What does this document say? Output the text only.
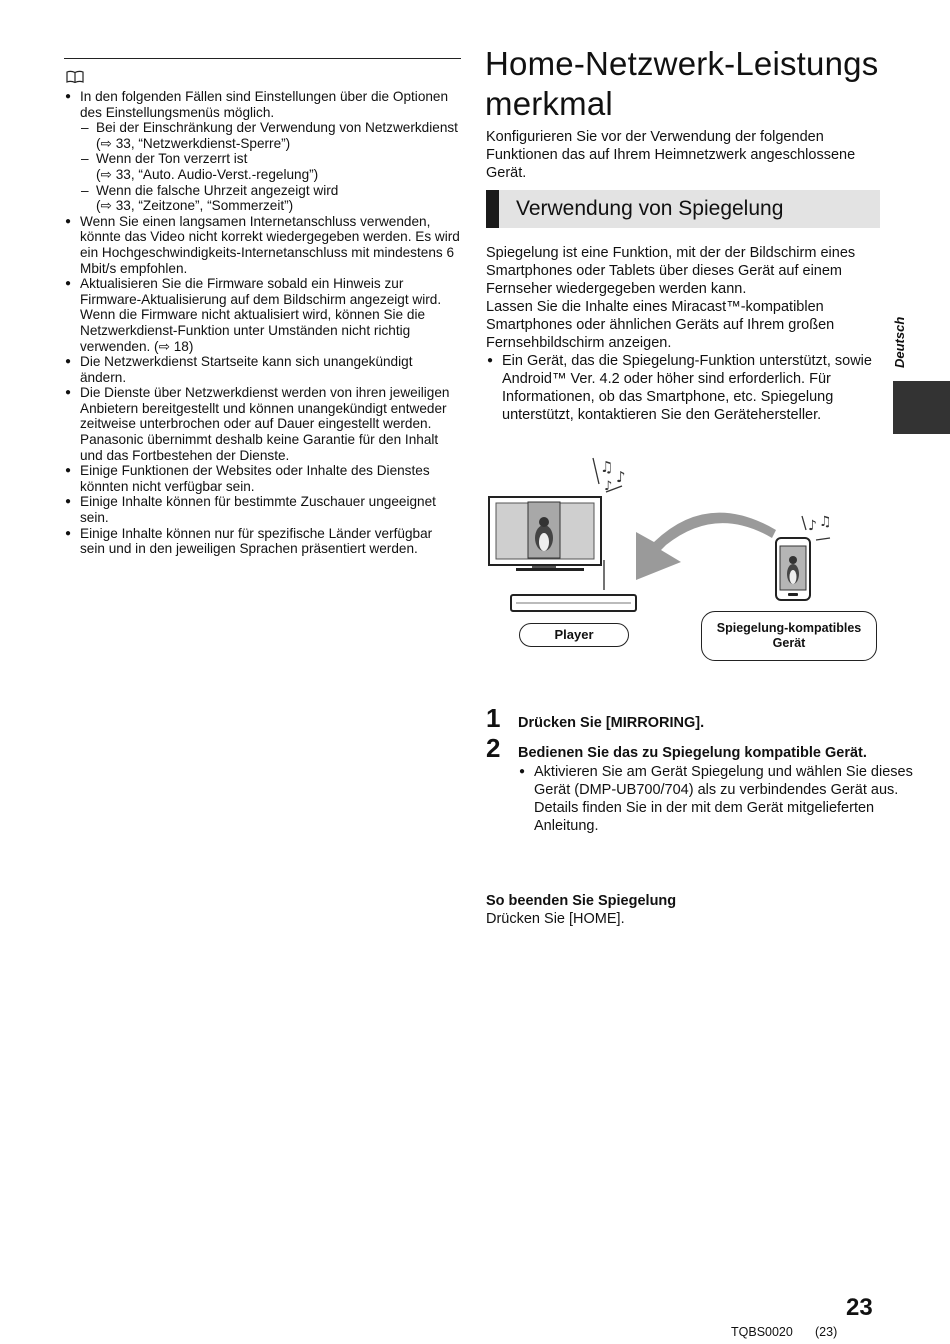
● In den folgenden Fällen sind Einstellungen über die Optionen des Einstellungsmenüs möglich.
– Bei der Einschränkung der Verwendung von Netzwerkdienst
(⇨ 33, “Netzwerkdienst-Sperre”)
– Wenn der Ton verzerrt ist
(⇨ 33, “Auto. Audio-Verst.-regelung”)
– Wenn die falsche Uhrzeit angezeigt wird
(⇨ 33, “Zeitzone”, “Sommerzeit”)
● Wenn Sie einen langsamen Internetanschluss verwenden, könnte das Video nicht korrekt wiedergegeben werden. Es wird ein Hochgeschwindigkeits-Internetanschluss mit mindestens 6 Mbit/s empfohlen.
● Aktualisieren Sie die Firmware sobald ein Hinweis zur Firmware-Aktualisierung auf dem Bildschirm angezeigt wird. Wenn die Firmware nicht aktualisiert wird, können Sie die Netzwerkdienst-Funktion unter Umständen nicht richtig verwenden. (⇨ 18)
● Die Netzwerkdienst Startseite kann sich unangekündigt ändern.
● Die Dienste über Netzwerkdienst werden von ihren jeweiligen Anbietern bereitgestellt und können unangekündigt entweder zeitweise unterbrochen oder auf Dauer eingestellt werden. Panasonic übernimmt deshalb keine Garantie für den Inhalt und das Fortbestehen der Dienste.
● Einige Funktionen der Websites oder Inhalte des Dienstes könnten nicht verfügbar sein.
● Einige Inhalte können für bestimmte Zuschauer ungeeignet sein.
● Einige Inhalte können nur für spezifische Länder verfügbar sein und in den jeweiligen Sprachen präsentiert werden.
Home-Netzwerk-Leistungs merkmal

Konfigurieren Sie vor der Verwendung der folgenden Funktionen das auf Ihrem Heimnetzwerk angeschlossene Gerät.

Verwendung von Spiegelung

Spiegelung ist eine Funktion, mit der der Bildschirm eines Smartphones oder Tablets über dieses Gerät auf einem Fernseher wiedergegeben werden kann.

Lassen Sie die Inhalte eines Miracast™-kompatiblen Smartphones oder ähnlichen Geräts auf Ihrem großen Fernsehbildschirm anzeigen.

● Ein Gerät, das die Spiegelung-Funktion unterstützt, sowie Android™ Ver. 4.2 oder höher sind erforderlich. Für Informationen, ob das Smartphone, etc. Spiegelung unterstützt, kontaktieren Sie den Gerätehersteller.
Deutsch
♫
♪
♪
♪ ♫
Player	Spiegelung-kompatibles
Gerät
1 Drücken Sie [MIRRORING].
2 Bedienen Sie das zu Spiegelung kompatible Gerät.
● Aktivieren Sie am Gerät Spiegelung und wählen Sie dieses Gerät (DMP-UB700/704) als zu verbindendes Gerät aus.
Details finden Sie in der mit dem Gerät mitgelieferten Anleitung.
So beenden Sie Spiegelung
Drücken Sie [HOME].
TQBS0020 (23)
23
